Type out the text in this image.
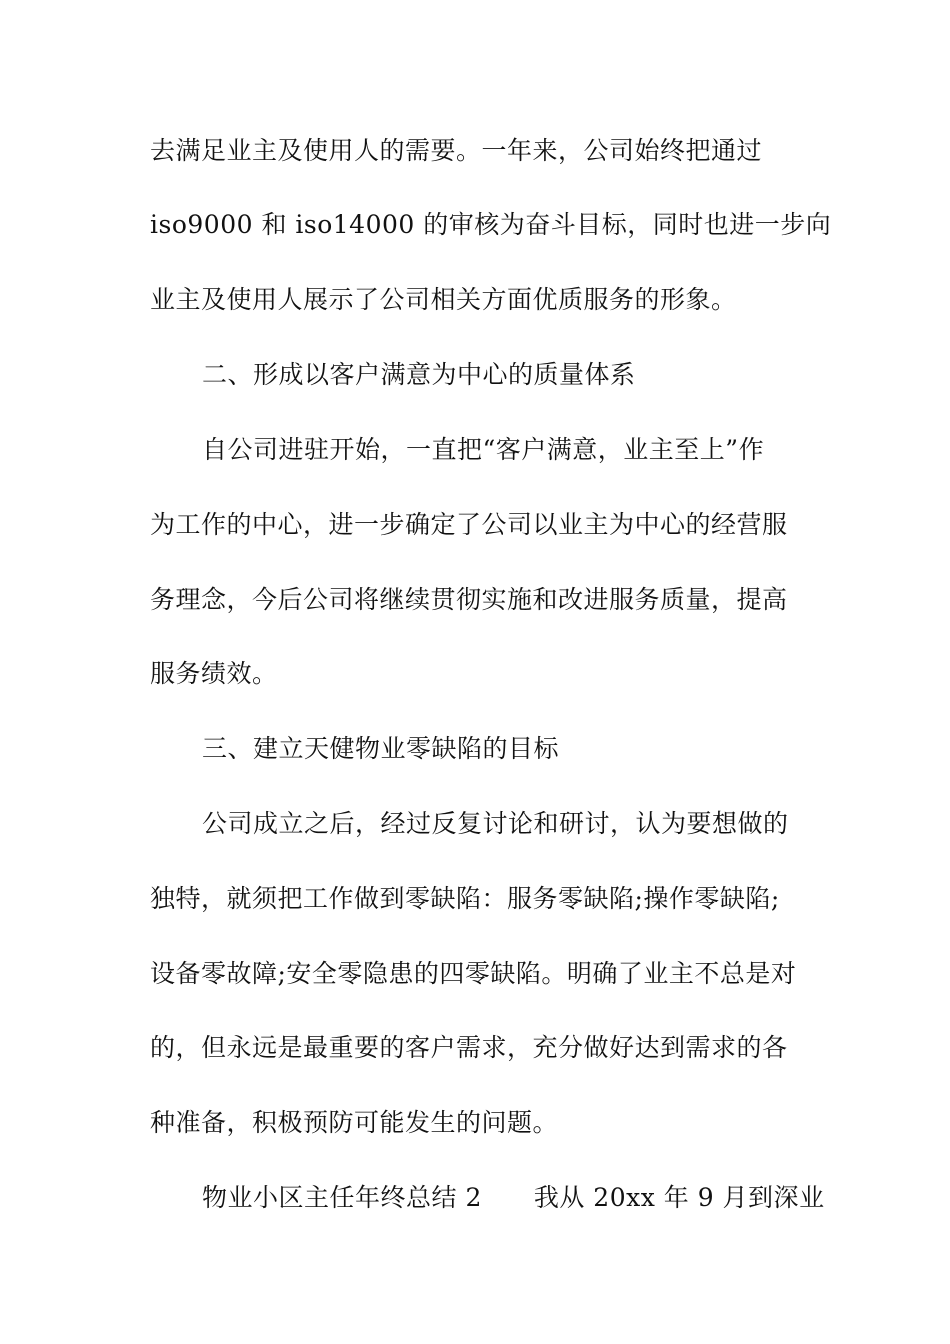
去满足业主及使用人的需要。一年来，公司始终把通过
iso9000 和 iso14000 的审核为奋斗目标，同时也进一步向
业主及使用人展示了公司相关方面优质服务的形象。
二、形成以客户满意为中心的质量体系
自公司进驻开始，一直把“客户满意，业主至上”作
为工作的中心，进一步确定了公司以业主为中心的经营服
务理念，今后公司将继续贯彻实施和改进服务质量，提高
服务绩效。
三、建立天健物业零缺陷的目标
公司成立之后，经过反复讨论和研讨，认为要想做的
独特，就须把工作做到零缺陷：服务零缺陷;操作零缺陷;
设备零故障;安全零隐患的四零缺陷。明确了业主不总是对
的，但永远是最重要的客户需求，充分做好达到需求的各
种准备，积极预防可能发生的问题。
物业小区主任年终总结 2 我从 20xx 年 9 月到深业
